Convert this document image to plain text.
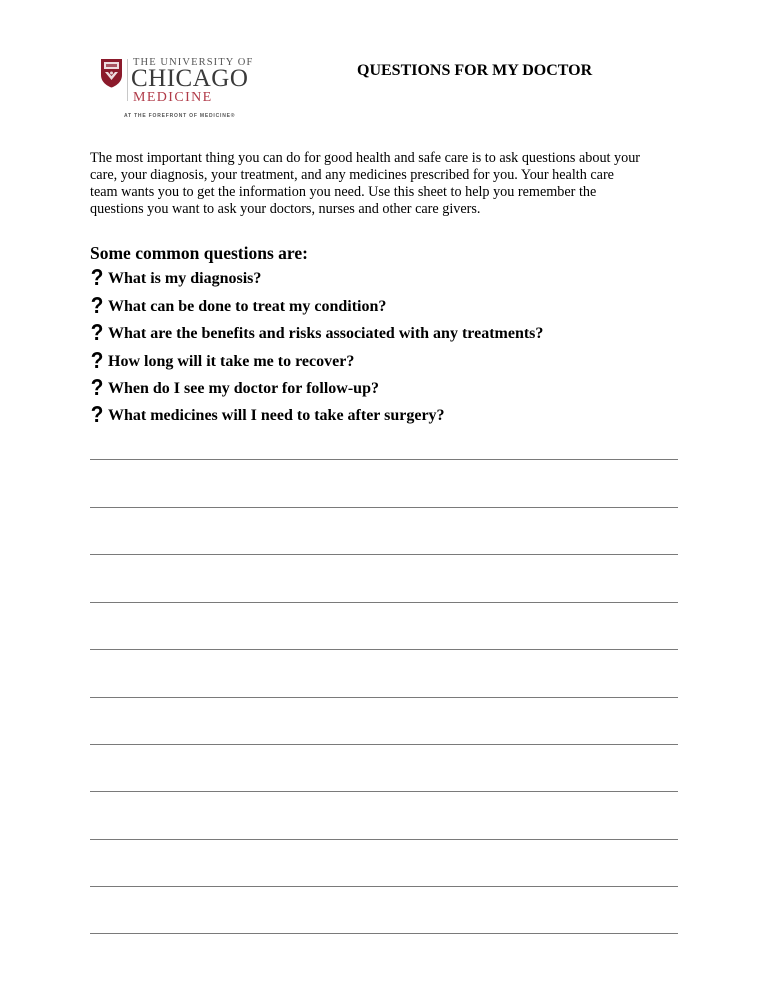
THE UNIVERSITY OF
CHICAGO
MEDICINE
AT THE FOREFRONT OF MEDICINE®
QUESTIONS FOR MY DOCTOR

The most important thing you can do for good health and safe care is to ask questions about your
care, your diagnosis, your treatment, and any medicines prescribed for you. Your health care
team wants you to get the information you need. Use this sheet to help you remember the
questions you want to ask your doctors, nurses and other care givers.

Some common questions are:
? What is my diagnosis?
? What can be done to treat my condition?
? What are the benefits and risks associated with any treatments?
? How long will it take me to recover?
? When do I see my doctor for follow-up?
? What medicines will I need to take after surgery?
